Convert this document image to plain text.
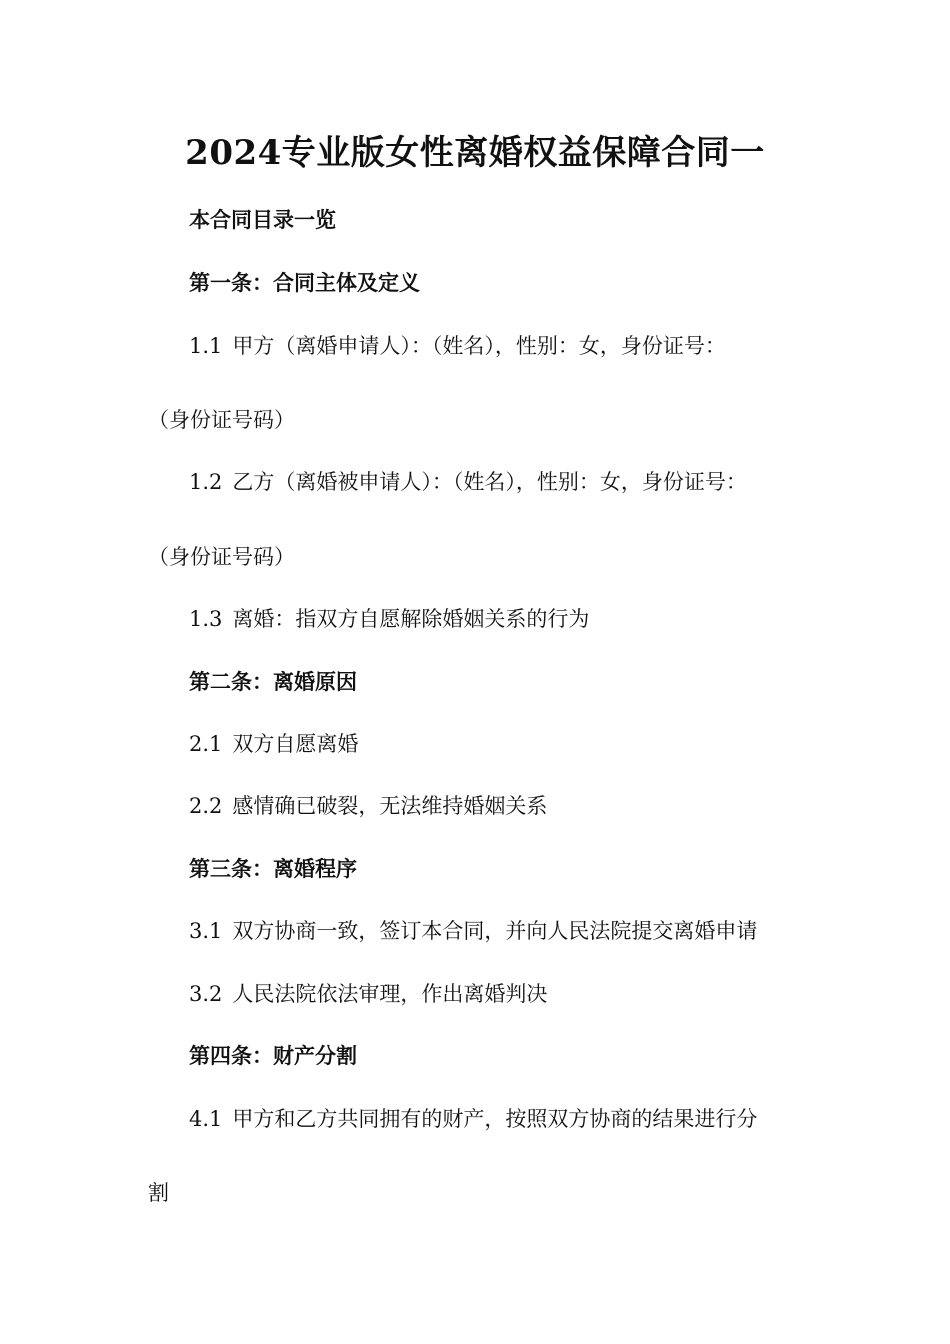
2024专业版女性离婚权益保障合同一
本合同目录一览
第一条：合同主体及定义
1.1 甲方（离婚申请人）：（姓名），性别：女，身份证号：
（身份证号码）
1.2 乙方（离婚被申请人）：（姓名），性别：女，身份证号：
（身份证号码）
1.3 离婚：指双方自愿解除婚姻关系的行为
第二条：离婚原因
2.1 双方自愿离婚
2.2 感情确已破裂，无法维持婚姻关系
第三条：离婚程序
3.1 双方协商一致，签订本合同，并向人民法院提交离婚申请
3.2 人民法院依法审理，作出离婚判决
第四条：财产分割
4.1 甲方和乙方共同拥有的财产，按照双方协商的结果进行分
割
